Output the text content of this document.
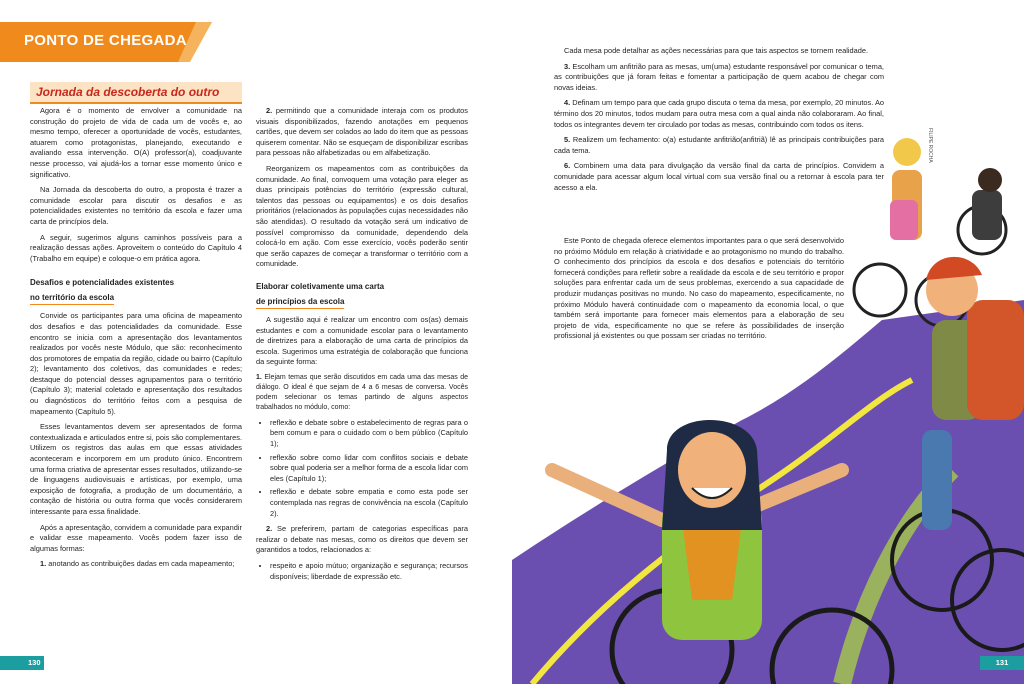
PONTO DE CHEGADA
Jornada da descoberta do outro

Agora é o momento de envolver a comunidade na construção do projeto de vida de cada um de vocês e, ao mesmo tempo, oferecer a oportunidade de vocês, estudantes, atuarem como protagonistas, planejando, executando e avaliando essa intervenção. O(A) professor(a), coadjuvante nesse processo, vai ajudá-los a tornar esse momento único e significativo.

Na Jornada da descoberta do outro, a proposta é trazer a comunidade escolar para discutir os desafios e as potencialidades existentes no território da escola e fazer uma carta de princípios dela.

A seguir, sugerimos alguns caminhos possíveis para a realização dessas ações. Aproveitem o conteúdo do Capítulo 4 (Trabalho em equipe) e coloque-o em prática agora.

Desafios e potencialidades existentes
no território da escola

Convide os participantes para uma oficina de mapeamento dos desafios e das potencialidades da comunidade. Esse encontro se inicia com a apresentação dos levantamentos realizados por vocês neste Módulo, que são: reconhecimento dos promotores de empatia da região, cidade ou bairro (Capítulo 2); levantamento dos coletivos, das comunidades e redes; destaque do potencial desses agrupamentos para o território (Capítulo 3); material coletado e apresentação dos resultados ou diagnósticos do território feitos com a pesquisa de mapeamento (Capítulo 5).

Esses levantamentos devem ser apresentados de forma contextualizada e articulados entre si, pois são complementares. Utilizem os registros das aulas em que essas atividades aconteceram e incorporem em um produto único. Encontrem uma forma criativa de apresentar esses resultados, utilizando-se de linguagens audiovisuais e artísticas, por exemplo, uma exposição de fotografia, a produção de um documentário, a contação de história ou outra forma que vocês considerarem interessante para essa finalidade.

Após a apresentação, convidem a comunidade para expandir e validar esse mapeamento. Vocês podem fazer isso de algumas formas:

1. anotando as contribuições dadas em cada mapeamento;

2. permitindo que a comunidade interaja com os produtos visuais disponibilizados, fazendo anotações em pequenos cartões, que devem ser colados ao lado do item que as pessoas quiserem comentar. Não se esqueçam de disponibilizar escribas para pessoas não alfabetizadas ou em alfabetização.

Reorganizem os mapeamentos com as contribuições da comunidade. Ao final, convoquem uma votação para eleger as duas principais potências do território (expressão cultural, talentos das pessoas ou equipamentos) e os dois desafios prioritários (relacionados às populações cujas necessidades não são atendidas). O resultado da votação será um indicativo de possível compromisso da comunidade, dependendo dela colocá-lo em ação. Com esse exercício, vocês poderão sentir que serão capazes de começar a transformar o território com a comunidade.

Elaborar coletivamente uma carta
de princípios da escola

A sugestão aqui é realizar um encontro com os(as) demais estudantes e com a comunidade escolar para o levantamento de diretrizes para a elaboração de uma carta de princípios da escola. Sugerimos uma estratégia de colaboração que funciona da seguinte forma:

1. Elejam temas que serão discutidos em cada uma das mesas de diálogo. O ideal é que sejam de 4 a 6 mesas de conversa. Vocês podem selecionar os temas partindo de alguns aspectos trabalhados no módulo, como:

• reflexão e debate sobre o estabelecimento de regras para o bem comum e para o cuidado com o bem público (Capítulo 1);
• reflexão sobre como lidar com conflitos sociais e debate sobre qual poderia ser a melhor forma de a escola lidar com eles (Capítulo 1);
• reflexão e debate sobre empatia e como esta pode ser contemplada nas regras de convivência na escola (Capítulo 2).

2. Se preferirem, partam de categorias específicas para realizar o debate nas mesas, como os direitos que devem ser garantidos a todos, relacionados a:

• respeito e apoio mútuo; organização e segurança; recursos disponíveis; liberdade de expressão etc.
130

Cada mesa pode detalhar as ações necessárias para que tais aspectos se tornem realidade.

3. Escolham um anfitrião para as mesas, um(uma) estudante responsável por comunicar o tema, as contribuições que já foram feitas e fomentar a participação de quem acabou de chegar com novas ideias.

4. Definam um tempo para que cada grupo discuta o tema da mesa, por exemplo, 20 minutos. Ao término dos 20 minutos, todos mudam para outra mesa com a qual ainda não colaboraram. Ao final, todos os integrantes devem ter circulado por todas as mesas, contribuindo com todos os itens.

5. Realizem um fechamento: o(a) estudante anfitrião(anfitriã) lê as principais contribuições para cada tema.

6. Combinem uma data para divulgação da versão final da carta de princípios. Convidem a comunidade para acessar algum local virtual com sua versão final ou a retornar à escola para ter acesso a ela.

Este Ponto de chegada oferece elementos importantes para o que será desenvolvido no próximo Módulo em relação à criatividade e ao protagonismo no mundo do trabalho. O conhecimento dos princípios da escola e dos desafios e potenciais do território fornecerá condições para refletir sobre a realidade da escola e de seu território e propor soluções para enfrentar cada um de seus problemas, exercendo a sua capacidade de produzir mudanças positivas no mundo. No caso do mapeamento, especificamente, no próximo Módulo haverá continuidade com o mapeamento da economia local, o que também será importante para fornecer mais elementos para a elaboração de seu projeto de vida, especificamente no que se refere às possibilidades de inserção profissional já existentes ou que possam ser criadas no território.

131
FILIPE ROCHA
